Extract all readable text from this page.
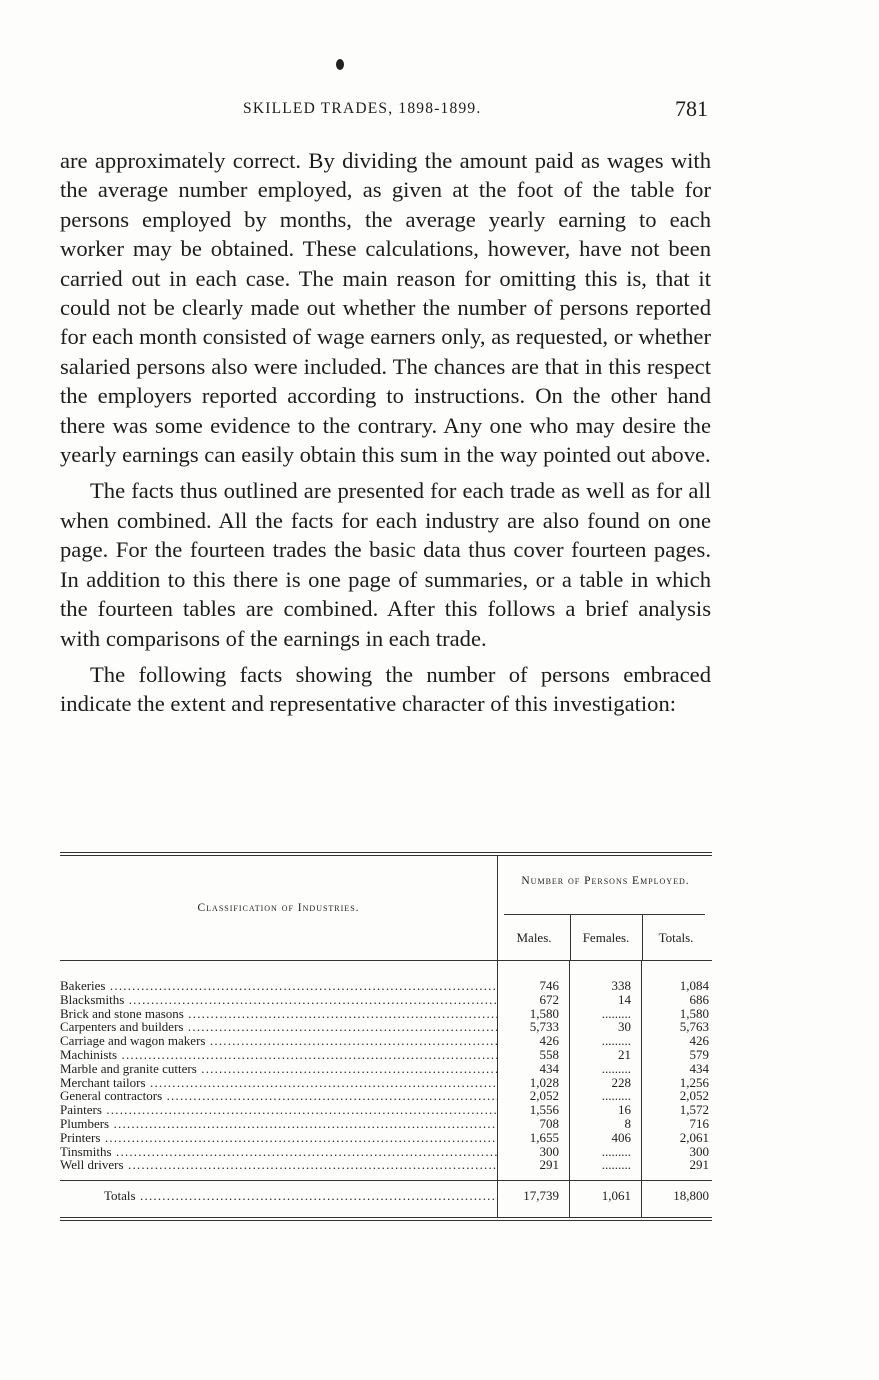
SKILLED TRADES, 1898-1899.	781

are approximately correct. By dividing the amount paid as wages with the average number employed, as given at the foot of the table for persons employed by months, the average yearly earning to each worker may be obtained. These calculations, however, have not been carried out in each case. The main reason for omitting this is, that it could not be clearly made out whether the number of persons reported for each month consisted of wage earners only, as requested, or whether salaried persons also were included. The chances are that in this respect the employers reported according to instructions. On the other hand there was some evidence to the contrary. Any one who may desire the yearly earnings can easily obtain this sum in the way pointed out above.

The facts thus outlined are presented for each trade as well as for all when combined. All the facts for each industry are also found on one page. For the fourteen trades the basic data thus cover fourteen pages. In addition to this there is one page of summaries, or a table in which the fourteen tables are combined. After this follows a brief analysis with comparisons of the earnings in each trade.

The following facts showing the number of persons embraced indicate the extent and representative character of this investigation:

Classification of Industries.
Number of Persons Employed.
Males.	Females.	Totals.
Bakeries .....	746	338	1,084
Blacksmiths .....	672	14	686
Brick and stone masons .....	1,580	.........	1,580
Carpenters and builders .....	5,733	30	5,763
Carriage and wagon makers .....	426	.........	426
Machinists .....	558	21	579
Marble and granite cutters .....	434	.........	434
Merchant tailors .....	1,028	228	1,256
General contractors .....	2,052	.........	2,052
Painters .....	1,556	16	1,572
Plumbers .....	708	8	716
Printers .....	1,655	406	2,061
Tinsmiths .....	300	.........	300
Well drivers .....	291	.........	291
Totals .....	17,739	1,061	18,800
